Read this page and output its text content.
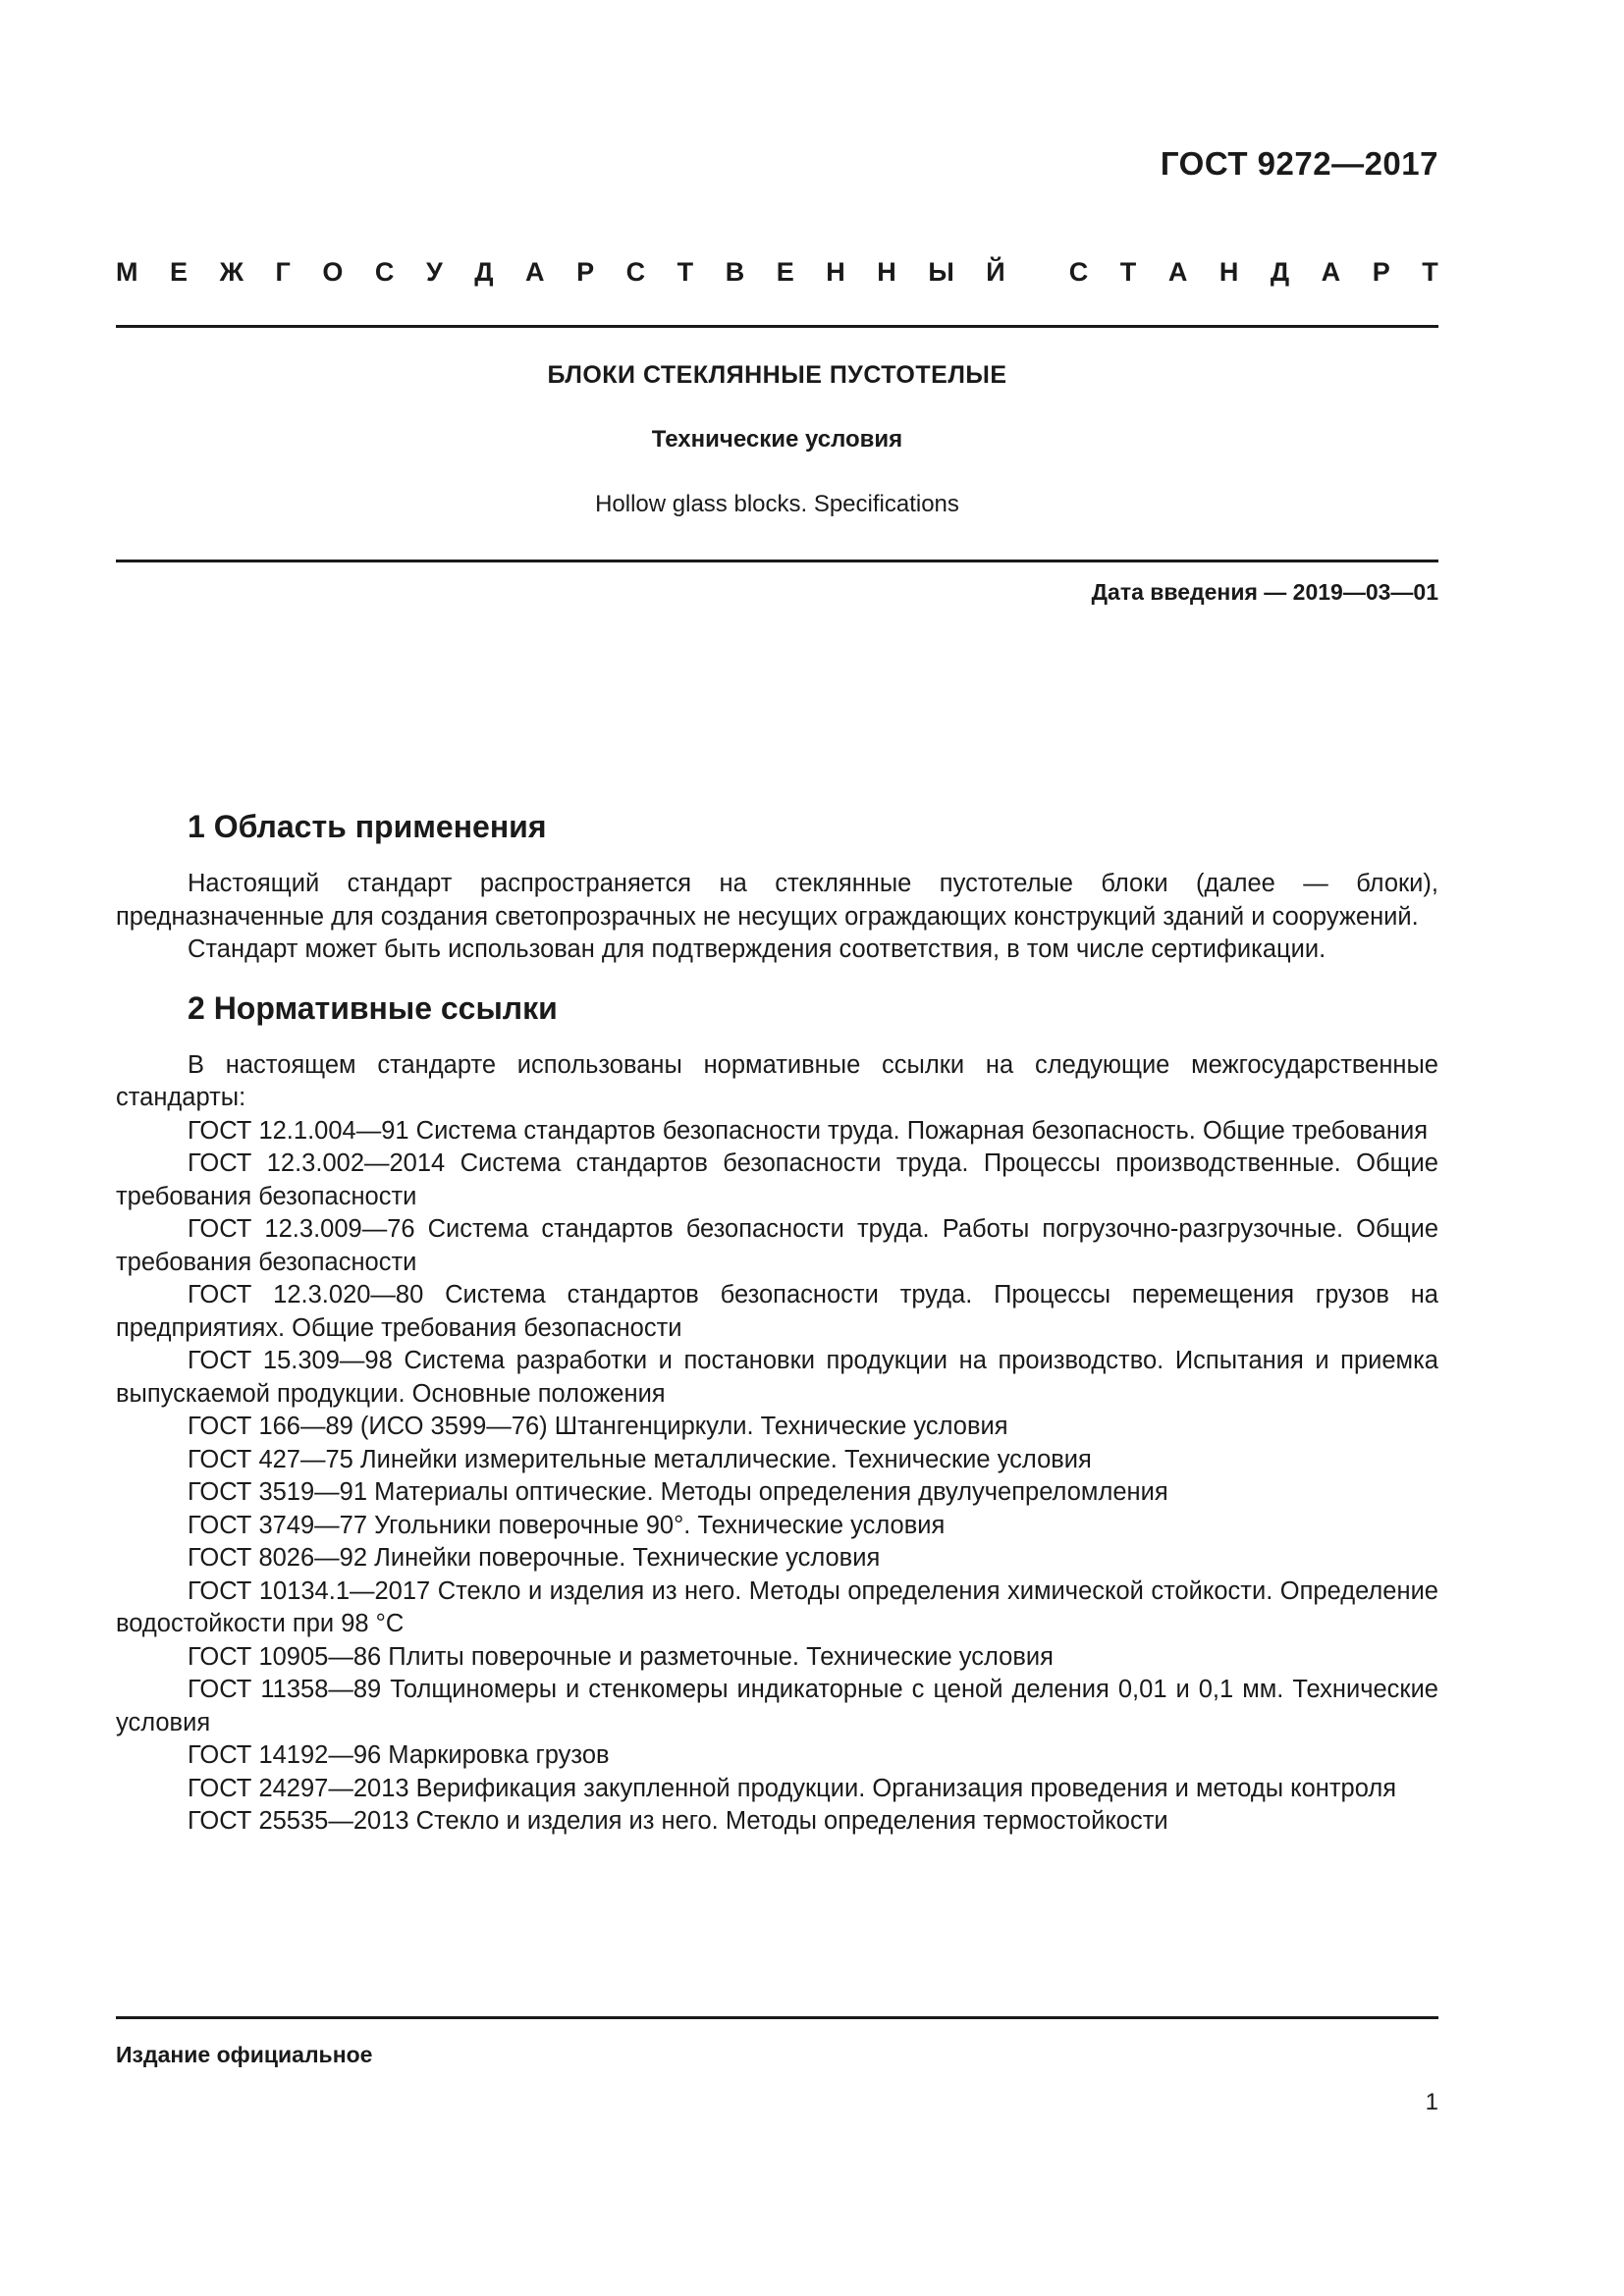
ГОСТ 9272—2017
М Е Ж Г О С У Д А Р С Т В Е Н Н Ы Й С Т А Н Д А Р Т
БЛОКИ СТЕКЛЯННЫЕ ПУСТОТЕЛЫЕ
Технические условия
Hollow glass blocks. Specifications
Дата введения — 2019—03—01
1 Область применения

Настоящий стандарт распространяется на стеклянные пустотелые блоки (далее — блоки), предназначенные для создания светопрозрачных не несущих ограждающих конструкций зданий и сооружений.

Стандарт может быть использован для подтверждения соответствия, в том числе сертификации.

2 Нормативные ссылки

В настоящем стандарте использованы нормативные ссылки на следующие межгосударственные стандарты:

ГОСТ 12.1.004—91 Система стандартов безопасности труда. Пожарная безопасность. Общие требования

ГОСТ 12.3.002—2014 Система стандартов безопасности труда. Процессы производственные. Общие требования безопасности

ГОСТ 12.3.009—76 Система стандартов безопасности труда. Работы погрузочно-разгрузочные. Общие требования безопасности

ГОСТ 12.3.020—80 Система стандартов безопасности труда. Процессы перемещения грузов на предприятиях. Общие требования безопасности

ГОСТ 15.309—98 Система разработки и постановки продукции на производство. Испытания и приемка выпускаемой продукции. Основные положения

ГОСТ 166—89 (ИСО 3599—76) Штангенциркули. Технические условия

ГОСТ 427—75 Линейки измерительные металлические. Технические условия

ГОСТ 3519—91 Материалы оптические. Методы определения двулучепреломления

ГОСТ 3749—77 Угольники поверочные 90°. Технические условия

ГОСТ 8026—92 Линейки поверочные. Технические условия

ГОСТ 10134.1—2017 Стекло и изделия из него. Методы определения химической стойкости. Определение водостойкости при 98 °С

ГОСТ 10905—86 Плиты поверочные и разметочные. Технические условия

ГОСТ 11358—89 Толщиномеры и стенкомеры индикаторные с ценой деления 0,01 и 0,1 мм. Технические условия

ГОСТ 14192—96 Маркировка грузов

ГОСТ 24297—2013 Верификация закупленной продукции. Организация проведения и методы контроля

ГОСТ 25535—2013 Стекло и изделия из него. Методы определения термостойкости

Издание официальное
1
